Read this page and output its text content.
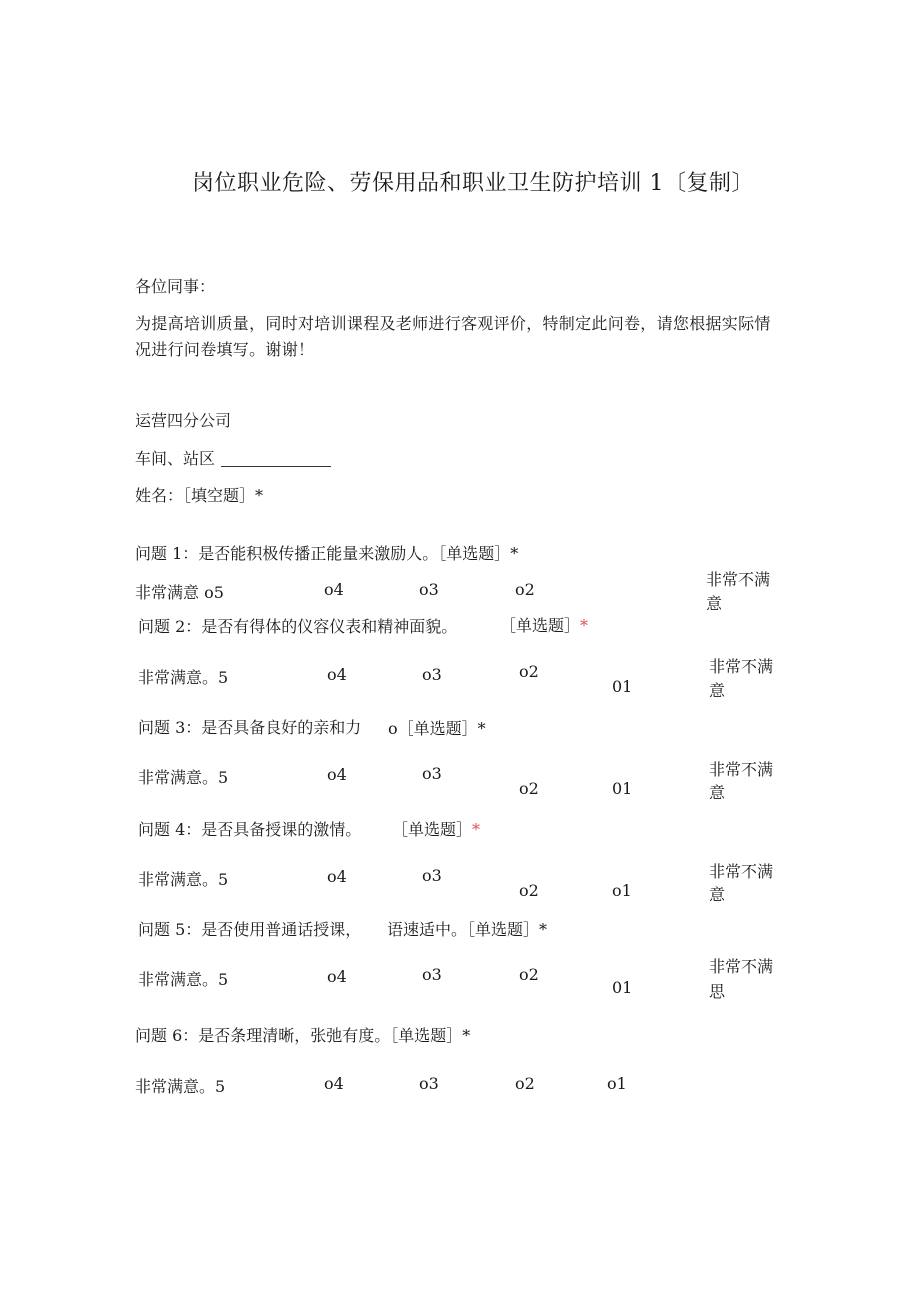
岗位职业危险、劳保用品和职业卫生防护培训 1〔复制〕
各位同事：
为提高培训质量，同时对培训课程及老师进行客观评价，特制定此问卷，请您根据实际情况进行问卷填写。谢谢！
运营四分公司
车间、站区
姓名：［填空题］*
问题 1：是否能积极传播正能量来激励人。［单选题］*
非常满意 o5	o4	o3	o2
非常不满
意
问题 2：是否有得体的仪容仪表和精神面貌。	［单选题］*
非常满意。5	o4	o3	o2
01
非常不满
意
问题 3：是否具备良好的亲和力 o［单选题］*
非常满意。5	o4	o3
o2	01
非常不满
意
问题 4：是否具备授课的激情。 ［单选题］*
非常满意。5	o4	o3
o2	o1
非常不满
意
问题 5：是否使用普通话授课， 语速适中。［单选题］*
非常满意。5	o4	o3	o2
01
非常不满
思
问题 6：是否条理清晰，张弛有度。［单选题］*
非常满意。5	o4	o3	o2	o1
